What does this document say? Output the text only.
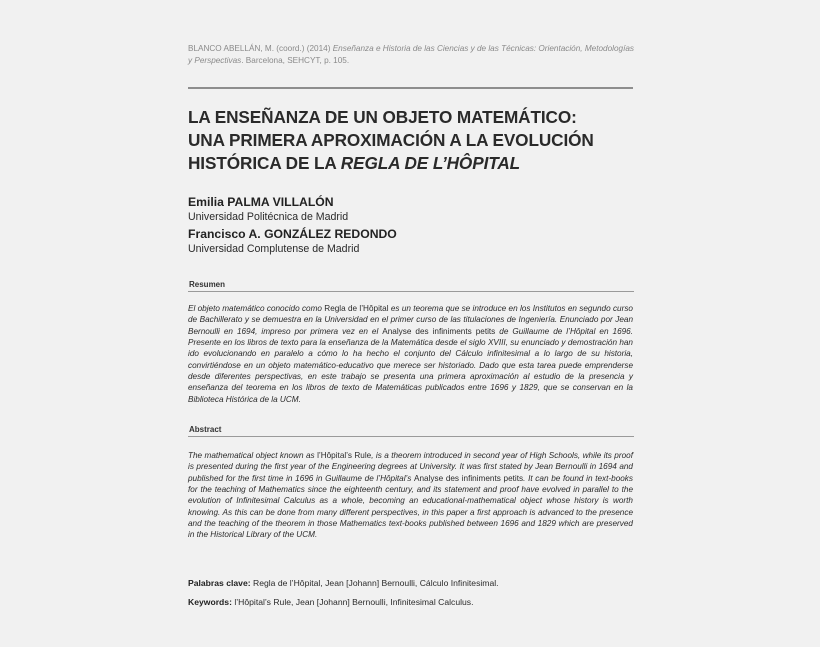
BLANCO ABELLÁN, M. (coord.) (2014) Enseñanza e Historia de las Ciencias y de las Técnicas: Orientación, Metodologías y Perspectivas. Barcelona, SEHCYT, p. 105.
LA ENSEÑANZA DE UN OBJETO MATEMÁTICO:
UNA PRIMERA APROXIMACIÓN A LA EVOLUCIÓN
HISTÓRICA DE LA REGLA DE L’HÔPITAL
Emilia PALMA VILLALÓN
Universidad Politécnica de Madrid
Francisco A. GONZÁLEZ REDONDO
Universidad Complutense de Madrid
Resumen
El objeto matemático conocido como Regla de l’Hôpital es un teorema que se introduce en los Institutos en segundo curso de Bachillerato y se demuestra en la Universidad en el primer curso de las titulaciones de Ingeniería. Enunciado por Jean Bernoulli en 1694, impreso por primera vez en el Analyse des infiniments petits de Guillaume de l’Hôpital en 1696. Presente en los libros de texto para la enseñanza de la Matemática desde el siglo XVIII, su enunciado y demostración han ido evolucionando en paralelo a cómo lo ha hecho el conjunto del Cálculo infinitesimal a lo largo de su historia, convirtiéndose en un objeto matemático-educativo que merece ser historiado. Dado que esta tarea puede emprenderse desde diferentes perspectivas, en este trabajo se presenta una primera aproximación al estudio de la presencia y enseñanza del teorema en los libros de texto de Matemáticas publicados entre 1696 y 1829, que se conservan en la Biblioteca Histórica de la UCM.
Abstract
The mathematical object known as l’Hôpital’s Rule, is a theorem introduced in second year of High Schools, while its proof is presented during the first year of the Engineering degrees at University. It was first stated by Jean Bernoulli in 1694 and published for the first time in 1696 in Guillaume de l’Hôpital’s Analyse des infiniments petits. It can be found in text-books for the teaching of Mathematics since the eighteenth century, and its statement and proof have evolved in parallel to the evolution of Infinitesimal Calculus as a whole, becoming an educational-mathematical object whose history is worth knowing. As this can be done from many different perspectives, in this paper a first approach is advanced to the presence and the teaching of the theorem in those Mathematics text-books published between 1696 and 1829 which are preserved in the Historical Library of the UCM.
Palabras clave: Regla de l’Hôpital, Jean [Johann] Bernoulli, Cálculo Infinitesimal.
Keywords: l’Hôpital’s Rule, Jean [Johann] Bernoulli, Infinitesimal Calculus.
